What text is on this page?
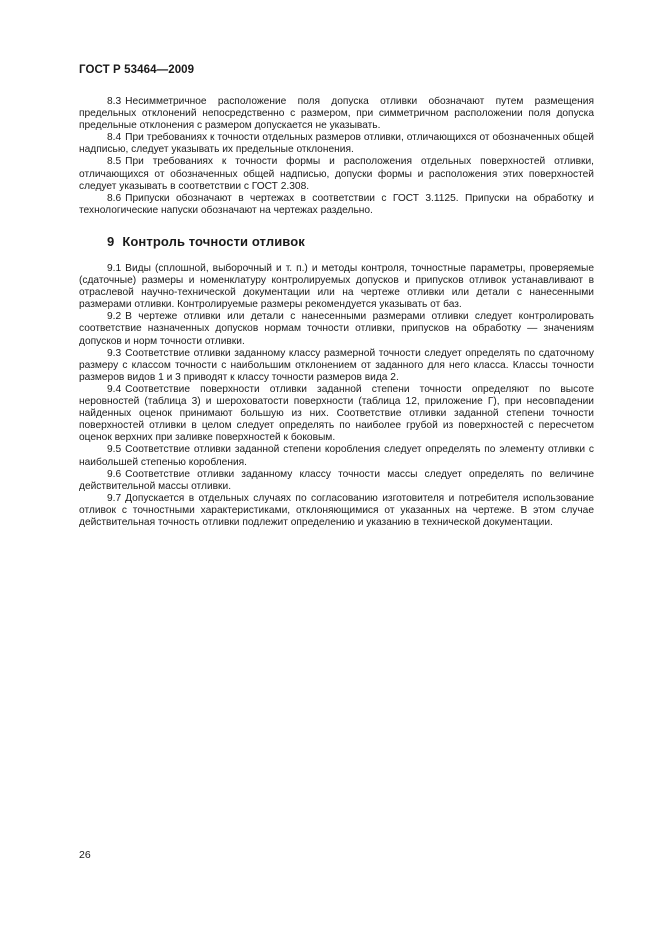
ГОСТ Р 53464—2009

8.3 Несимметричное расположение поля допуска отливки обозначают путем размещения предельных отклонений непосредственно с размером, при симметричном расположении поля допуска предельные отклонения с размером допускается не указывать.

8.4 При требованиях к точности отдельных размеров отливки, отличающихся от обозначенных общей надписью, следует указывать их предельные отклонения.

8.5 При требованиях к точности формы и расположения отдельных поверхностей отливки, отличающихся от обозначенных общей надписью, допуски формы и расположения этих поверхностей следует указывать в соответствии с ГОСТ 2.308.

8.6 Припуски обозначают в чертежах в соответствии с ГОСТ 3.1125. Припуски на обработку и технологические напуски обозначают на чертежах раздельно.

9 Контроль точности отливок

9.1 Виды (сплошной, выборочный и т. п.) и методы контроля, точностные параметры, проверяемые (сдаточные) размеры и номенклатуру контролируемых допусков и припусков отливок устанавливают в отраслевой научно-технической документации или на чертеже отливки или детали с нанесенными размерами отливки. Контролируемые размеры рекомендуется указывать от баз.

9.2 В чертеже отливки или детали с нанесенными размерами отливки следует контролировать соответствие назначенных допусков нормам точности отливки, припусков на обработку — значениям допусков и норм точности отливки.

9.3 Соответствие отливки заданному классу размерной точности следует определять по сдаточному размеру с классом точности с наибольшим отклонением от заданного для него класса. Классы точности размеров видов 1 и 3 приводят к классу точности размеров вида 2.

9.4 Соответствие поверхности отливки заданной степени точности определяют по высоте неровностей (таблица 3) и шероховатости поверхности (таблица 12, приложение Г), при несовпадении найденных оценок принимают большую из них. Соответствие отливки заданной степени точности поверхностей отливки в целом следует определять по наиболее грубой из поверхностей с пересчетом оценок верхних при заливке поверхностей к боковым.

9.5 Соответствие отливки заданной степени коробления следует определять по элементу отливки с наибольшей степенью коробления.

9.6 Соответствие отливки заданному классу точности массы следует определять по величине действительной массы отливки.

9.7 Допускается в отдельных случаях по согласованию изготовителя и потребителя использование отливок с точностными характеристиками, отклоняющимися от указанных на чертеже. В этом случае действительная точность отливки подлежит определению и указанию в технической документации.

26
